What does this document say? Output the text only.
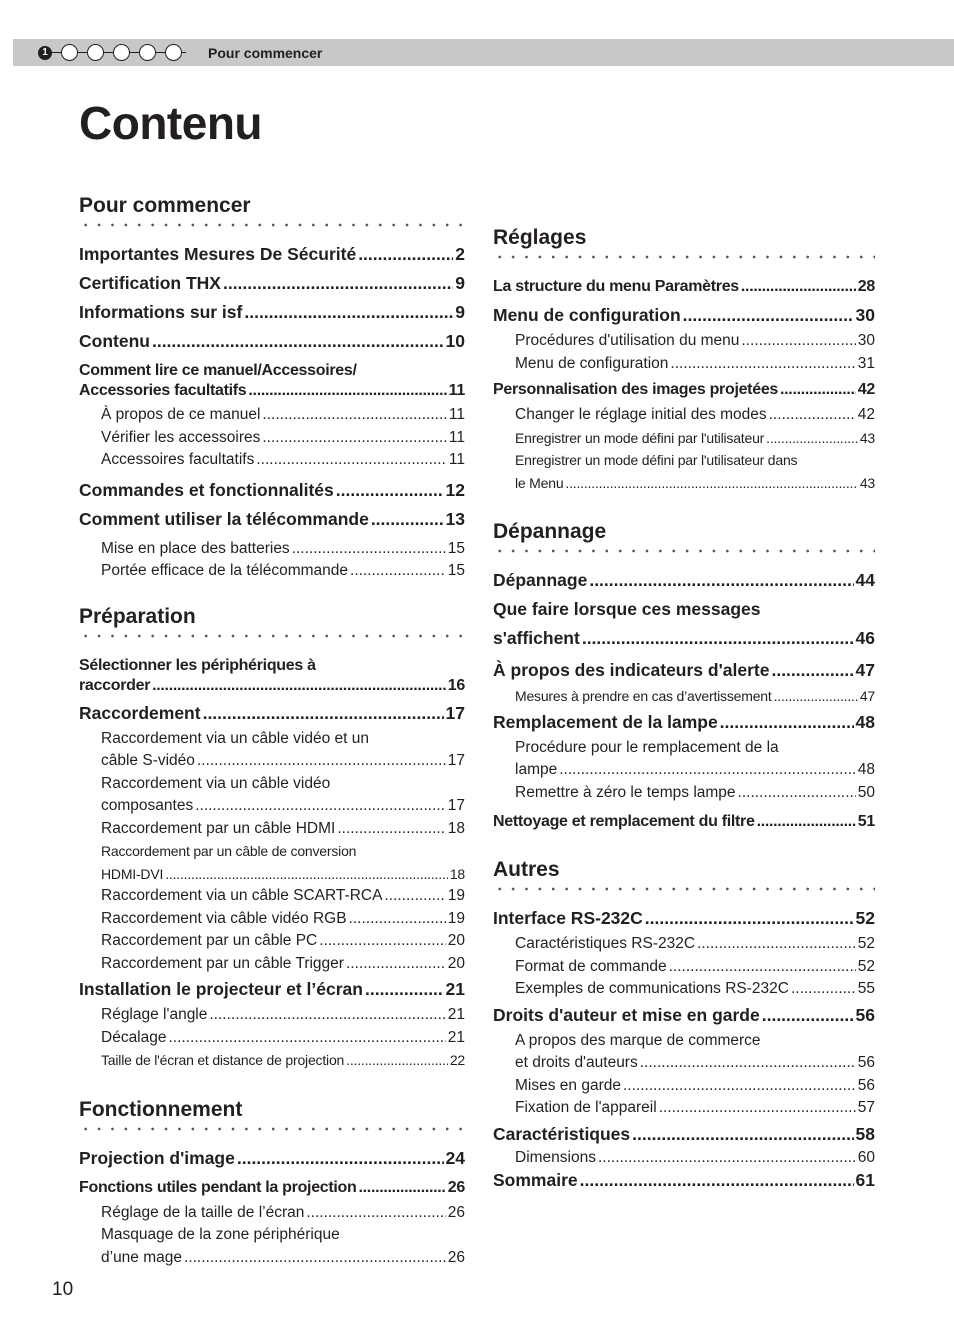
1	Pour commencer
Contenu
Pour commencer
Importantes Mesures De Sécurité .....	2
Certification THX .....	9
Informations sur isf .....	9
Contenu .....	10
Comment lire ce manuel/Accessoires/
Accessories facultatifs .....	11
À propos de ce manuel .....	11
Vérifier les accessoires .....	11
Accessoires facultatifs .....	11
Commandes et fonctionnalités .....	12
Comment utiliser la télécommande .....	13
Mise en place des batteries .....	15
Portée efficace de la télécommande .....	15
Préparation
Sélectionner les périphériques à
raccorder .....	16
Raccordement .....	17
Raccordement via un câble vidéo et un
câble S-vidéo .....	17
Raccordement via un câble vidéo
composantes .....	17
Raccordement par un câble HDMI .....	18
Raccordement par un câble de conversion
HDMI-DVI .....	18
Raccordement via un câble SCART-RCA .....	19
Raccordement via câble vidéo RGB .....	19
Raccordement par un câble PC .....	20
Raccordement par un câble Trigger .....	20
Installation le projecteur et l’écran .....	21
Réglage l'angle .....	21
Décalage .....	21
Taille de l'écran et distance de projection .....	22
Fonctionnement
Projection d'image .....	24
Fonctions utiles pendant la projection .....	26
Réglage de la taille de l’écran .....	26
Masquage de la zone périphérique
d’une mage .....	26
Réglages
La structure du menu Paramètres .....	28
Menu de configuration .....	30
Procédures d'utilisation du menu .....	30
Menu de configuration .....	31
Personnalisation des images projetées .....	42
Changer le réglage initial des modes .....	42
Enregistrer un mode défini par l'utilisateur .....	43
Enregistrer un mode défini par l'utilisateur dans
le Menu .....	43
Dépannage
Dépannage .....	44
Que faire lorsque ces messages
s'affichent .....	46
À propos des indicateurs d'alerte .....	47
Mesures à prendre en cas d’avertissement .....	47
Remplacement de la lampe .....	48
Procédure pour le remplacement de la
lampe .....	48
Remettre à zéro le temps lampe .....	50
Nettoyage et remplacement du filtre .....	51
Autres
Interface RS-232C .....	52
Caractéristiques RS-232C .....	52
Format de commande .....	52
Exemples de communications RS-232C .....	55
Droits d'auteur et mise en garde .....	56
A propos des marque de commerce
et droits d'auteurs .....	56
Mises en garde .....	56
Fixation de l'appareil .....	57
Caractéristiques .....	58
Dimensions .....	60
Sommaire .....	61
10
